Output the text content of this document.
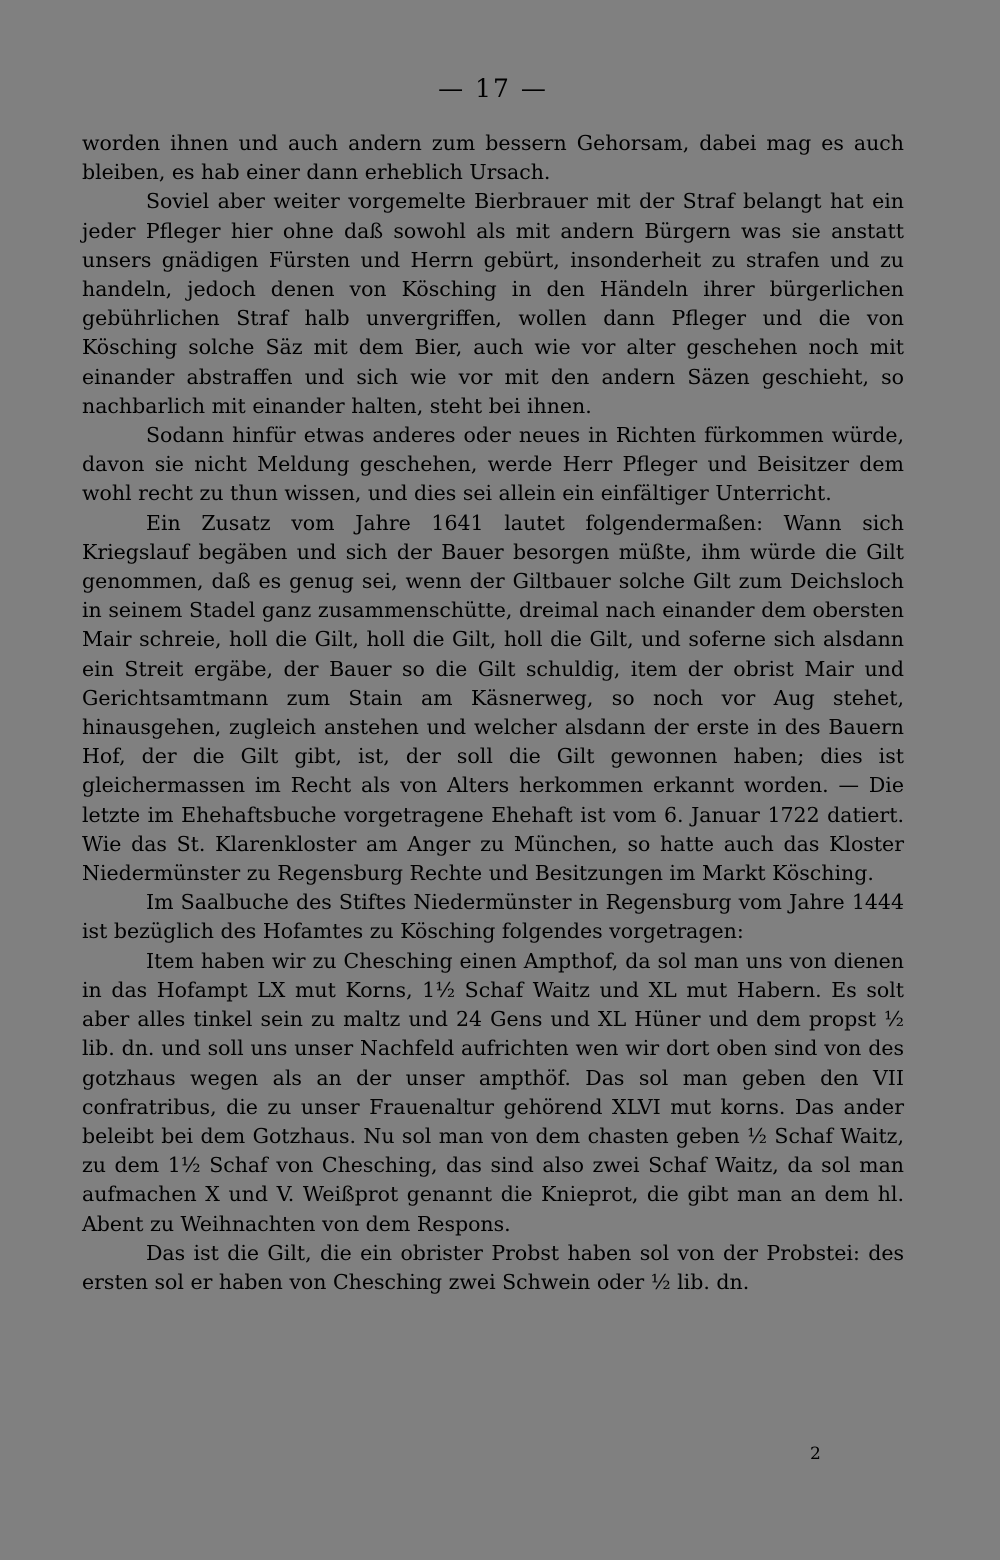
— 17 —

worden ihnen und auch andern zum bessern Gehorsam, dabei mag es auch bleiben, es hab einer dann erheblich Ursach.

Soviel aber weiter vorgemelte Bierbrauer mit der Straf belangt hat ein jeder Pfleger hier ohne daß sowohl als mit andern Bürgern was sie anstatt unsers gnädigen Fürsten und Herrn gebürt, insonderheit zu strafen und zu handeln, jedoch denen von Kösching in den Händeln ihrer bürgerlichen gebührlichen Straf halb unvergriffen, wollen dann Pfleger und die von Kösching solche Säz mit dem Bier, auch wie vor alter geschehen noch mit einander abstraffen und sich wie vor mit den andern Säzen geschieht, so nachbarlich mit einander halten, steht bei ihnen.

Sodann hinfür etwas anderes oder neues in Richten fürkommen würde, davon sie nicht Meldung geschehen, werde Herr Pfleger und Beisitzer dem wohl recht zu thun wissen, und dies sei allein ein einfältiger Unterricht.

Ein Zusatz vom Jahre 1641 lautet folgendermaßen: Wann sich Kriegslauf begäben und sich der Bauer besorgen müßte, ihm würde die Gilt genommen, daß es genug sei, wenn der Giltbauer solche Gilt zum Deichsloch in seinem Stadel ganz zusammenschütte, dreimal nach einander dem obersten Mair schreie, holl die Gilt, holl die Gilt, holl die Gilt, und soferne sich alsdann ein Streit ergäbe, der Bauer so die Gilt schuldig, item der obrist Mair und Gerichtsamtmann zum Stain am Käsnerweg, so noch vor Aug stehet, hinausgehen, zugleich anstehen und welcher alsdann der erste in des Bauern Hof, der die Gilt gibt, ist, der soll die Gilt gewonnen haben; dies ist gleichermassen im Recht als von Alters herkommen erkannt worden. — Die letzte im Ehehaftsbuche vorgetragene Ehehaft ist vom 6. Januar 1722 datiert. Wie das St. Klarenkloster am Anger zu München, so hatte auch das Kloster Niedermünster zu Regensburg Rechte und Besitzungen im Markt Kösching.

Im Saalbuche des Stiftes Niedermünster in Regensburg vom Jahre 1444 ist bezüglich des Hofamtes zu Kösching folgendes vorgetragen:

Item haben wir zu Chesching einen Ampthof, da sol man uns von dienen in das Hofampt LX mut Korns, 1½ Schaf Waitz und XL mut Habern. Es solt aber alles tinkel sein zu maltz und 24 Gens und XL Hüner und dem propst ½ lib. dn. und soll uns unser Nachfeld aufrichten wen wir dort oben sind von des gotzhaus wegen als an der unser ampthöf. Das sol man geben den VII confratribus, die zu unser Frauenaltur gehörend XLVI mut korns. Das ander beleibt bei dem Gotzhaus. Nu sol man von dem chasten geben ½ Schaf Waitz, zu dem 1½ Schaf von Chesching, das sind also zwei Schaf Waitz, da sol man aufmachen X und V. Weißprot genannt die Knieprot, die gibt man an dem hl. Abent zu Weihnachten von dem Respons.

Das ist die Gilt, die ein obrister Probst haben sol von der Probstei: des ersten sol er haben von Chesching zwei Schwein oder ½ lib. dn.

2
